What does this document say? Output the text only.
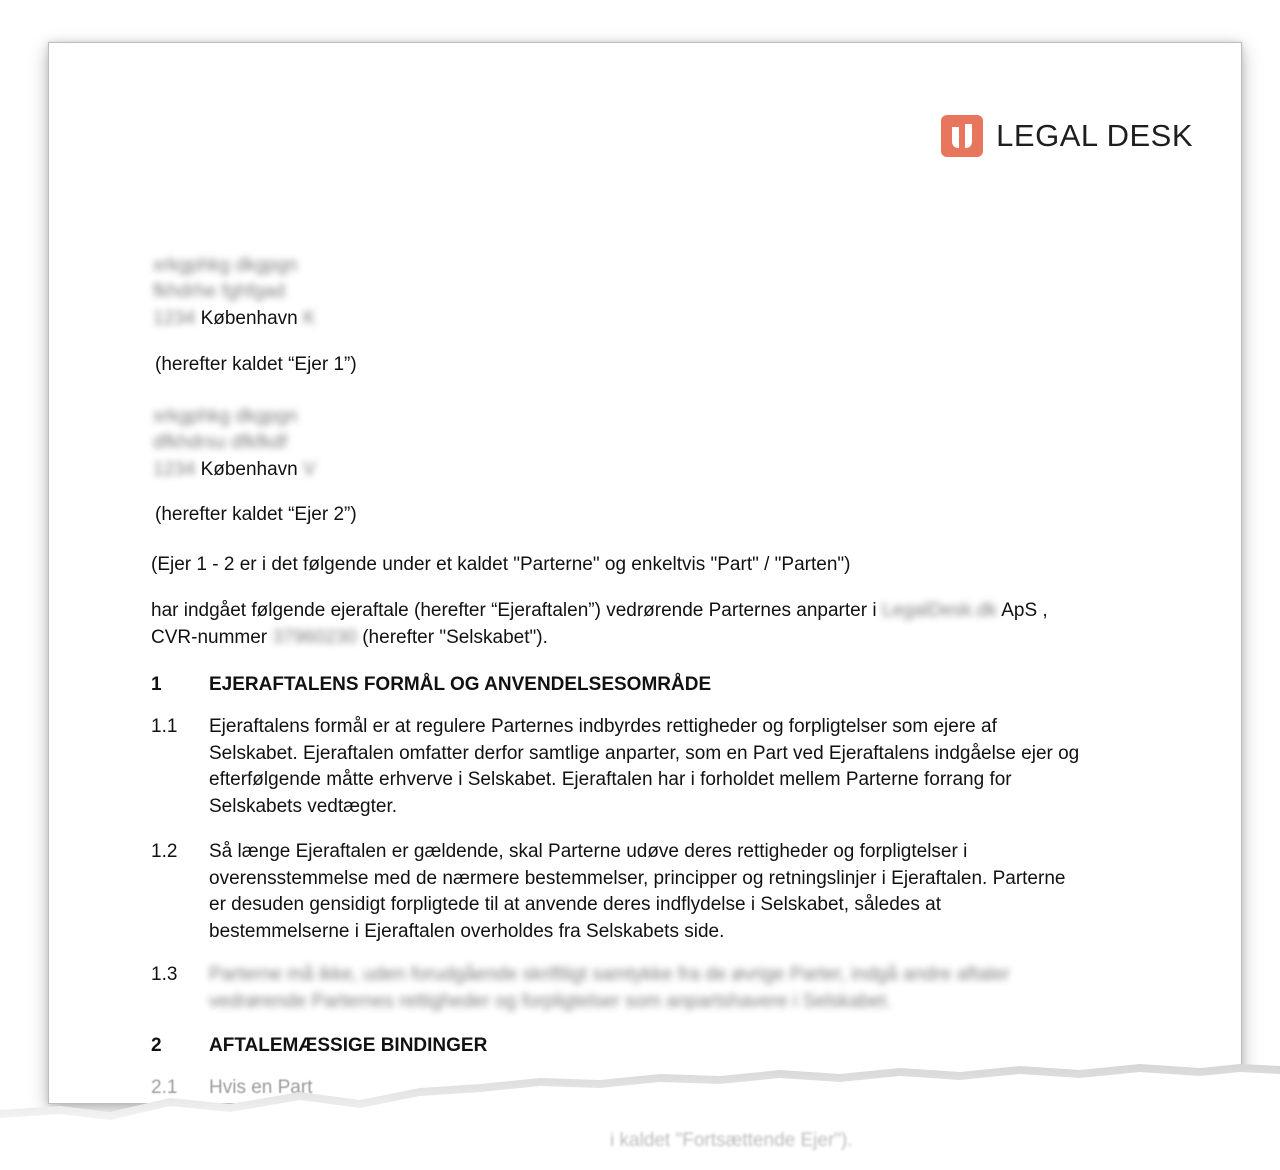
LEGAL DESK
xrkgphkg dkgpgn
fkhdrhe fghfgad
1234 København K
(herefter kaldet “Ejer 1”)
xrkgphkg dkgpgn
dfkhdrsu dfkfkdf
1234 København V
(herefter kaldet “Ejer 2”)
(Ejer 1 - 2 er i det følgende under et kaldet "Parterne" og enkeltvis "Part" / "Parten")
har indgået følgende ejeraftale (herefter “Ejeraftalen”) vedrørende Parternes anparter i LegalDesk.dk ApS ,
CVR-nummer 37960230 (herefter "Selskabet").
1 EJERAFTALENS FORMÅL OG ANVENDELSESOMRÅDE
1.1 Ejeraftalens formål er at regulere Parternes indbyrdes rettigheder og forpligtelser som ejere af
Selskabet. Ejeraftalen omfatter derfor samtlige anparter, som en Part ved Ejeraftalens indgåelse ejer og
efterfølgende måtte erhverve i Selskabet. Ejeraftalen har i forholdet mellem Parterne forrang for
Selskabets vedtægter.
1.2 Så længe Ejeraftalen er gældende, skal Parterne udøve deres rettigheder og forpligtelser i
overensstemmelse med de nærmere bestemmelser, principper og retningslinjer i Ejeraftalen. Parterne
er desuden gensidigt forpligtede til at anvende deres indflydelse i Selskabet, således at
bestemmelserne i Ejeraftalen overholdes fra Selskabets side.
1.3 Parterne må ikke, uden forudgående skriftligt samtykke fra de øvrige Parter, indgå andre aftaler
vedrørende Parternes rettigheder og forpligtelser som anpartshavere i Selskabet.
2 AFTALEMÆSSIGE BINDINGER
2.1 Hvis en Part
i kaldet "Fortsættende Ejer").
